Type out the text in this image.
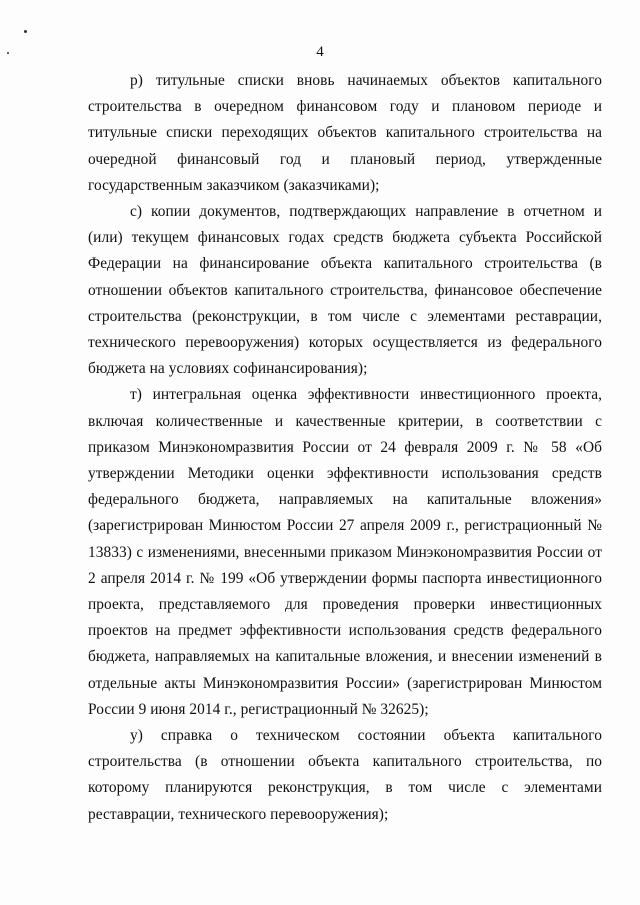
4

р) титульные списки вновь начинаемых объектов капитального строительства в очередном финансовом году и плановом периоде и титульные списки переходящих объектов капитального строительства на очередной финансовый год и плановый период, утвержденные государственным заказчиком (заказчиками);

с) копии документов, подтверждающих направление в отчетном и (или) текущем финансовых годах средств бюджета субъекта Российской Федерации на финансирование объекта капитального строительства (в отношении объектов капитального строительства, финансовое обеспечение строительства (реконструкции, в том числе с элементами реставрации, технического перевооружения) которых осуществляется из федерального бюджета на условиях софинансирования);

т) интегральная оценка эффективности инвестиционного проекта, включая количественные и качественные критерии, в соответствии с приказом Минэкономразвития России от 24 февраля 2009 г. № 58 «Об утверждении Методики оценки эффективности использования средств федерального бюджета, направляемых на капитальные вложения» (зарегистрирован Минюстом России 27 апреля 2009 г., регистрационный № 13833) с изменениями, внесенными приказом Минэкономразвития России от 2 апреля 2014 г. № 199 «Об утверждении формы паспорта инвестиционного проекта, представляемого для проведения проверки инвестиционных проектов на предмет эффективности использования средств федерального бюджета, направляемых на капитальные вложения, и внесении изменений в отдельные акты Минэкономразвития России» (зарегистрирован Минюстом России 9 июня 2014 г., регистрационный № 32625);

у) справка о техническом состоянии объекта капитального строительства (в отношении объекта капитального строительства, по которому планируются реконструкция, в том числе с элементами реставрации, технического перевооружения);
